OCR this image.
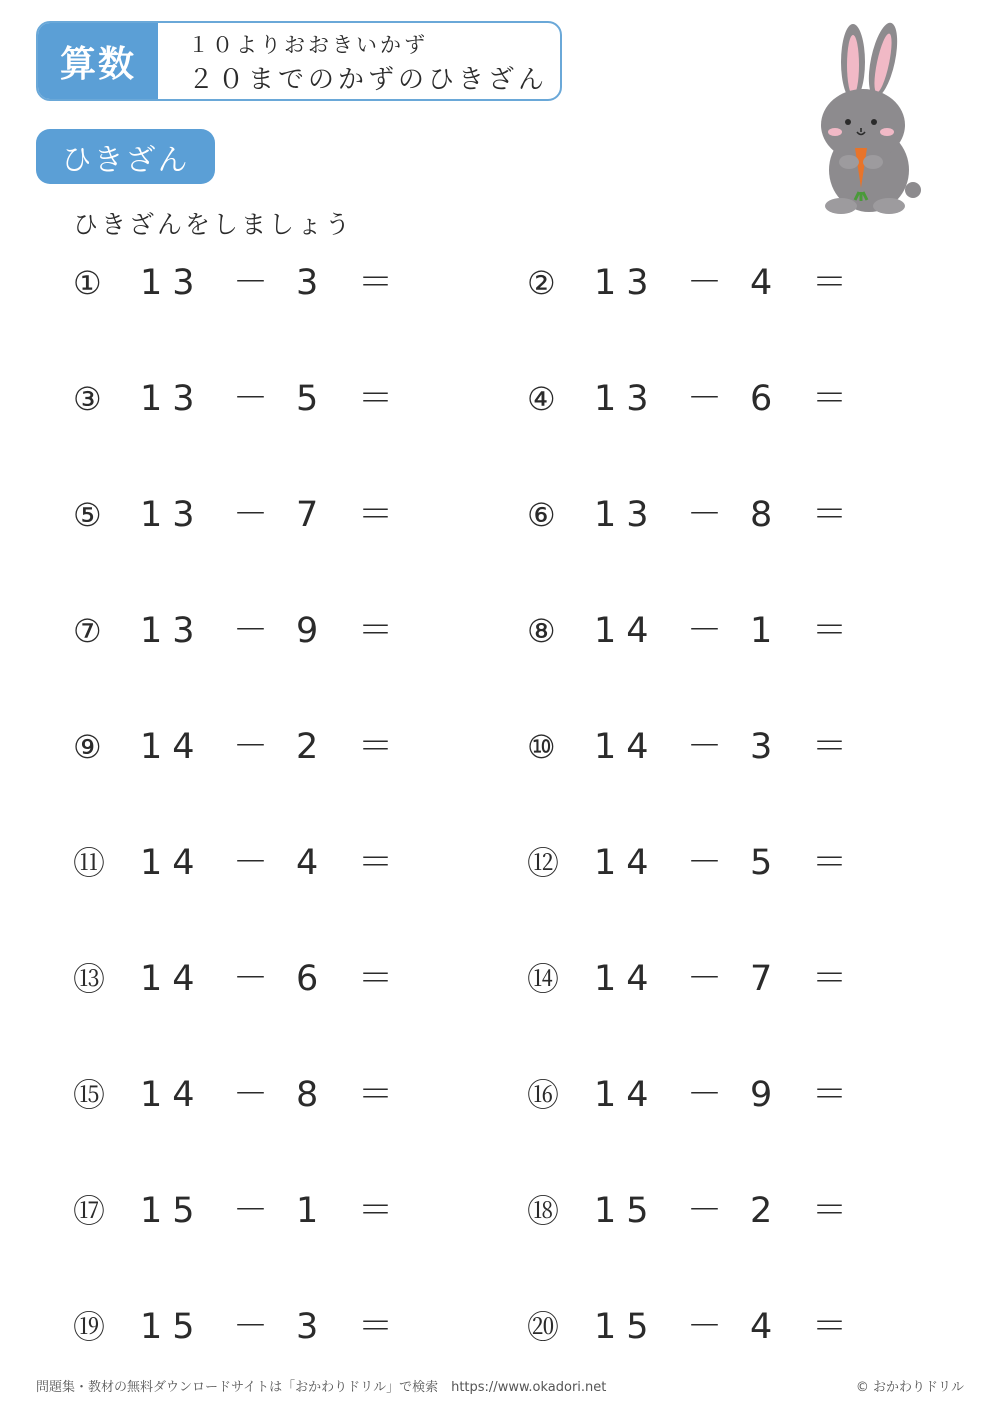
算数	１０よりおおきいかず
２０までのかずのひきざん
ひきざん
ひきざんをしましょう
① 13 － 3 ＝	② 13 － 4 ＝
③ 13 － 5 ＝	④ 13 － 6 ＝
⑤ 13 － 7 ＝	⑥ 13 － 8 ＝
⑦ 13 － 9 ＝	⑧ 14 － 1 ＝
⑨ 14 － 2 ＝	⑩ 14 － 3 ＝
⑪ 14 － 4 ＝	⑫ 14 － 5 ＝
⑬ 14 － 6 ＝	⑭ 14 － 7 ＝
⑮ 14 － 8 ＝	⑯ 14 － 9 ＝
⑰ 15 － 1 ＝	⑱ 15 － 2 ＝
⑲ 15 － 3 ＝	⑳ 15 － 4 ＝
問題集・教材の無料ダウンロードサイトは「おかわりドリル」で検索　https://www.okadori.net	© おかわりドリル
